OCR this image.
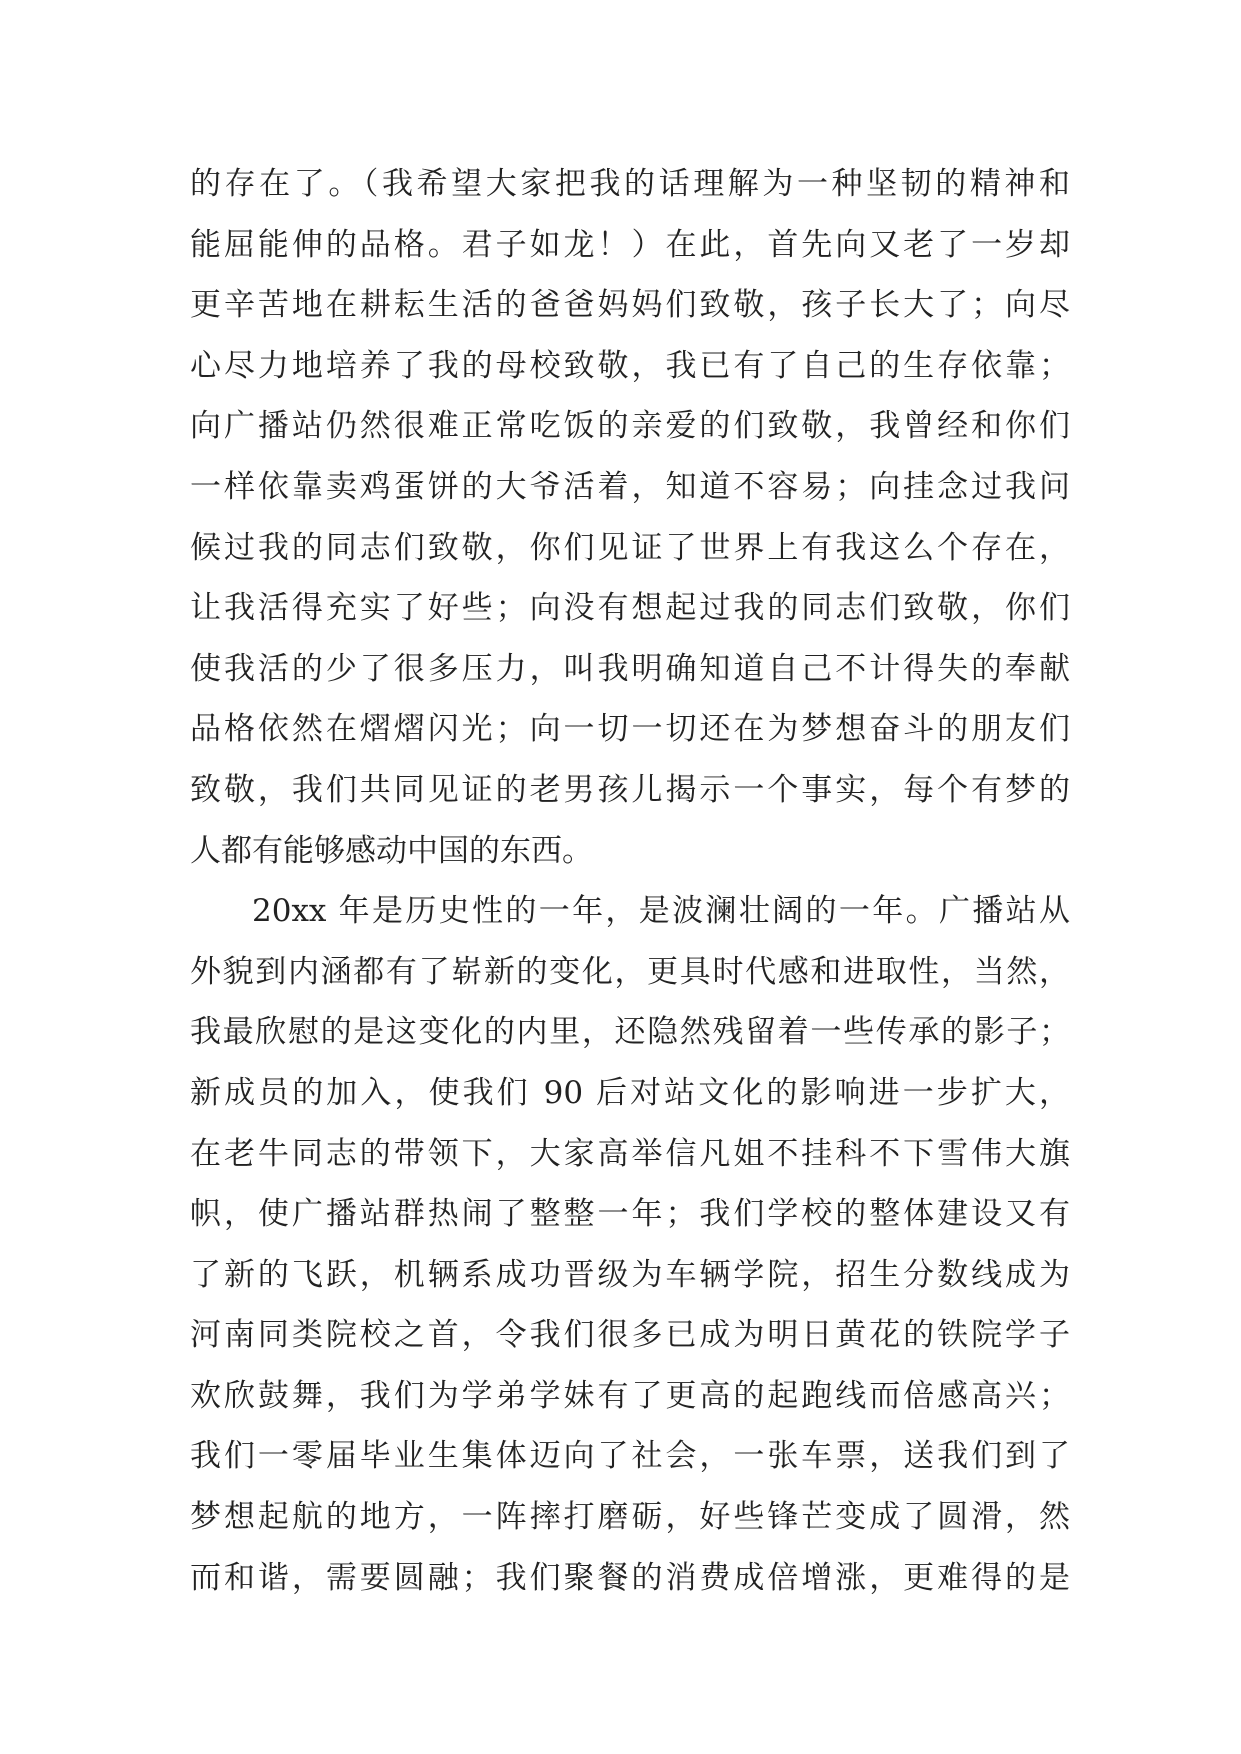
的存在了。（我希望大家把我的话理解为一种坚韧的精神和
能屈能伸的品格。君子如龙！）在此，首先向又老了一岁却
更辛苦地在耕耘生活的爸爸妈妈们致敬，孩子长大了；向尽
心尽力地培养了我的母校致敬，我已有了自己的生存依靠；
向广播站仍然很难正常吃饭的亲爱的们致敬，我曾经和你们
一样依靠卖鸡蛋饼的大爷活着，知道不容易；向挂念过我问
候过我的同志们致敬，你们见证了世界上有我这么个存在，
让我活得充实了好些；向没有想起过我的同志们致敬，你们
使我活的少了很多压力，叫我明确知道自己不计得失的奉献
品格依然在熠熠闪光；向一切一切还在为梦想奋斗的朋友们
致敬，我们共同见证的老男孩儿揭示一个事实，每个有梦的
人都有能够感动中国的东西。
20xx 年是历史性的一年，是波澜壮阔的一年。广播站从
外貌到内涵都有了崭新的变化，更具时代感和进取性，当然，
我最欣慰的是这变化的内里，还隐然残留着一些传承的影子；
新成员的加入，使我们 90 后对站文化的影响进一步扩大，
在老牛同志的带领下，大家高举信凡姐不挂科不下雪伟大旗
帜，使广播站群热闹了整整一年；我们学校的整体建设又有
了新的飞跃，机辆系成功晋级为车辆学院，招生分数线成为
河南同类院校之首，令我们很多已成为明日黄花的铁院学子
欢欣鼓舞，我们为学弟学妹有了更高的起跑线而倍感高兴；
我们一零届毕业生集体迈向了社会，一张车票，送我们到了
梦想起航的地方，一阵摔打磨砺，好些锋芒变成了圆滑，然
而和谐，需要圆融；我们聚餐的消费成倍增涨，更难得的是
